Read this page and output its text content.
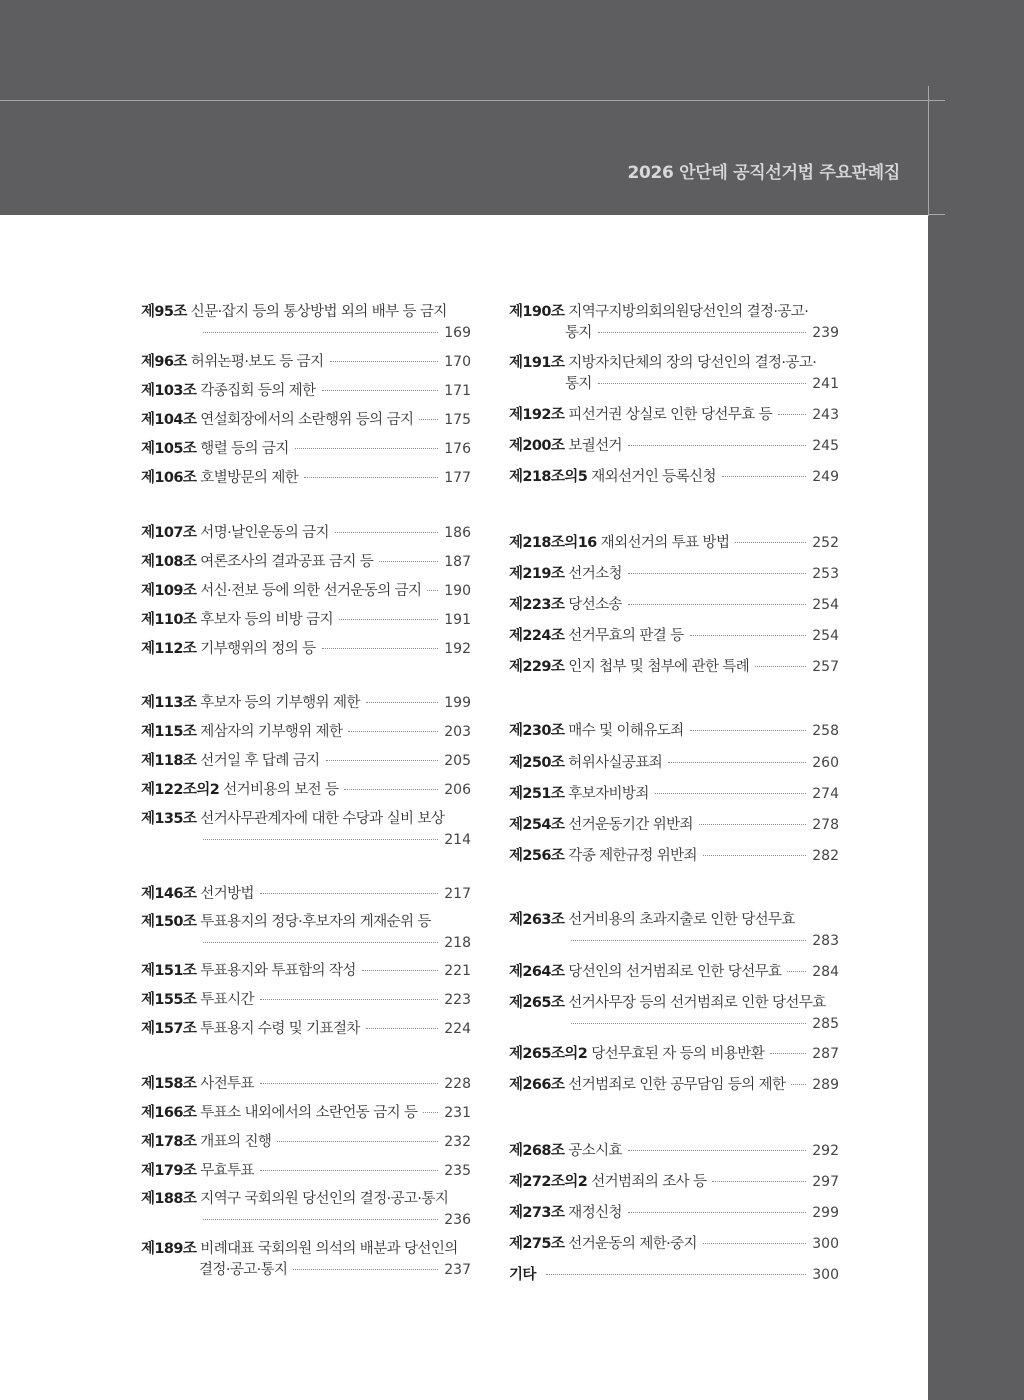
2026 안단테 공직선거법 주요판례집
제95조 신문·잡지 등의 통상방법 외의 배부 등 금지
169
제96조 허위논평·보도 등 금지	170
제103조 각종집회 등의 제한	171
제104조 연설회장에서의 소란행위 등의 금지 175
제105조 행렬 등의 금지	176
제106조 호별방문의 제한	177
제107조 서명·날인운동의 금지	186
제108조 여론조사의 결과공표 금지 등	187
제109조 서신·전보 등에 의한 선거운동의 금지 190
제110조 후보자 등의 비방 금지	191
제112조 기부행위의 정의 등	192
제113조 후보자 등의 기부행위 제한	199
제115조 제삼자의 기부행위 제한	203
제118조 선거일 후 답례 금지	205
제122조의2 선거비용의 보전 등	206
제135조 선거사무관계자에 대한 수당과 실비 보상
214
제146조 선거방법	217
제150조 투표용지의 정당·후보자의 게재순위 등
218
제151조 투표용지와 투표함의 작성	221
제155조 투표시간	223
제157조 투표용지 수령 및 기표절차	224
제158조 사전투표	228
제166조 투표소 내외에서의 소란언동 금지 등 231
제178조 개표의 진행	232
제179조 무효투표	235
제188조 지역구 국회의원 당선인의 결정·공고·통지
236
제189조 비례대표 국회의원 의석의 배분과 당선인의
결정·공고·통지	237
제190조 지역구지방의회의원당선인의 결정·공고·
통지	239
제191조 지방자치단체의 장의 당선인의 결정·공고·
통지	241
제192조 피선거권 상실로 인한 당선무효 등	243
제200조 보궐선거	245
제218조의5 재외선거인 등록신청	249
제218조의16 재외선거의 투표 방법	252
제219조 선거소청	253
제223조 당선소송	254
제224조 선거무효의 판결 등	254
제229조 인지 첩부 및 첨부에 관한 특례	257
제230조 매수 및 이해유도죄	258
제250조 허위사실공표죄	260
제251조 후보자비방죄	274
제254조 선거운동기간 위반죄	278
제256조 각종 제한규정 위반죄	282
제263조 선거비용의 초과지출로 인한 당선무효
283
제264조 당선인의 선거범죄로 인한 당선무효 284
제265조 선거사무장 등의 선거범죄로 인한 당선무효
285
제265조의2 당선무효된 자 등의 비용반환	287
제266조 선거범죄로 인한 공무담임 등의 제한 289
제268조 공소시효	292
제272조의2 선거범죄의 조사 등	297
제273조 재정신청	299
제275조 선거운동의 제한·중지	300
기타	300
